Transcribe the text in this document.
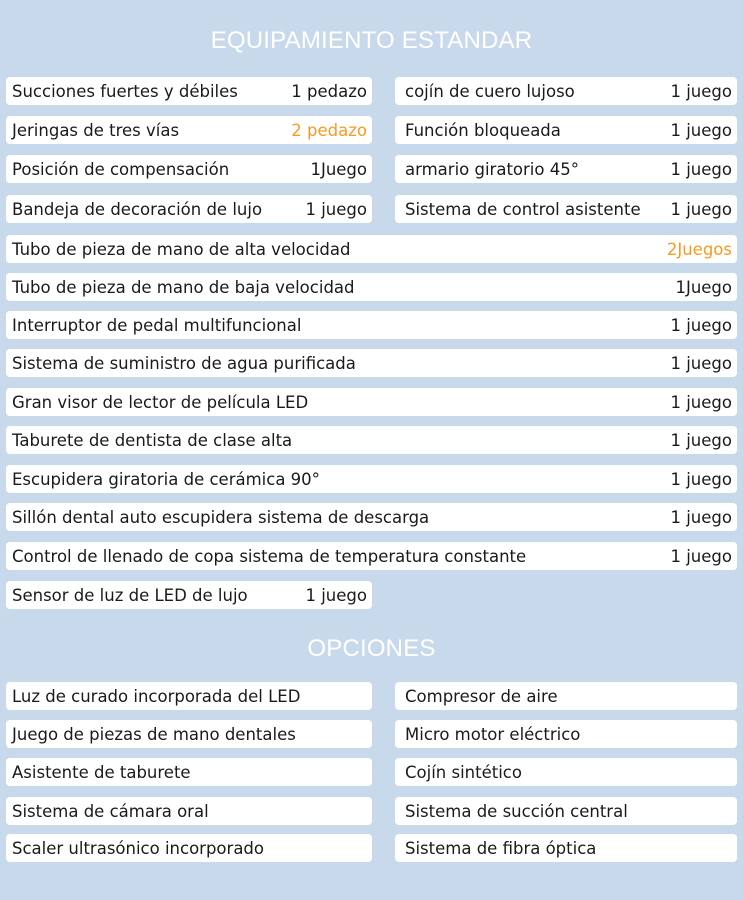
EQUIPAMIENTO ESTANDAR
Succiones fuertes y débiles	1 pedazo
Jeringas de tres vías	2 pedazo
Posición de compensación	1Juego
Bandeja de decoración de lujo	1 juego
cojín de cuero lujoso	1 juego
Función bloqueada	1 juego
armario giratorio 45°	1 juego
Sistema de control asistente 1 juego
Tubo de pieza de mano de alta velocidad	2Juegos
Tubo de pieza de mano de baja velocidad	1Juego
Interruptor de pedal multifuncional	1 juego
Sistema de suministro de agua purificada	1 juego
Gran visor de lector de película LED	1 juego
Taburete de dentista de clase alta	1 juego
Escupidera giratoria de cerámica 90°	1 juego
Sillón dental auto escupidera sistema de descarga	1 juego
Control de llenado de copa sistema de temperatura constante	1 juego
Sensor de luz de LED de lujo	1 juego
OPCIONES
Luz de curado incorporada del LED
Juego de piezas de mano dentales
Asistente de taburete
Sistema de cámara oral
Scaler ultrasónico incorporado
Compresor de aire
Micro motor eléctrico
Cojín sintético
Sistema de succión central
Sistema de fibra óptica
